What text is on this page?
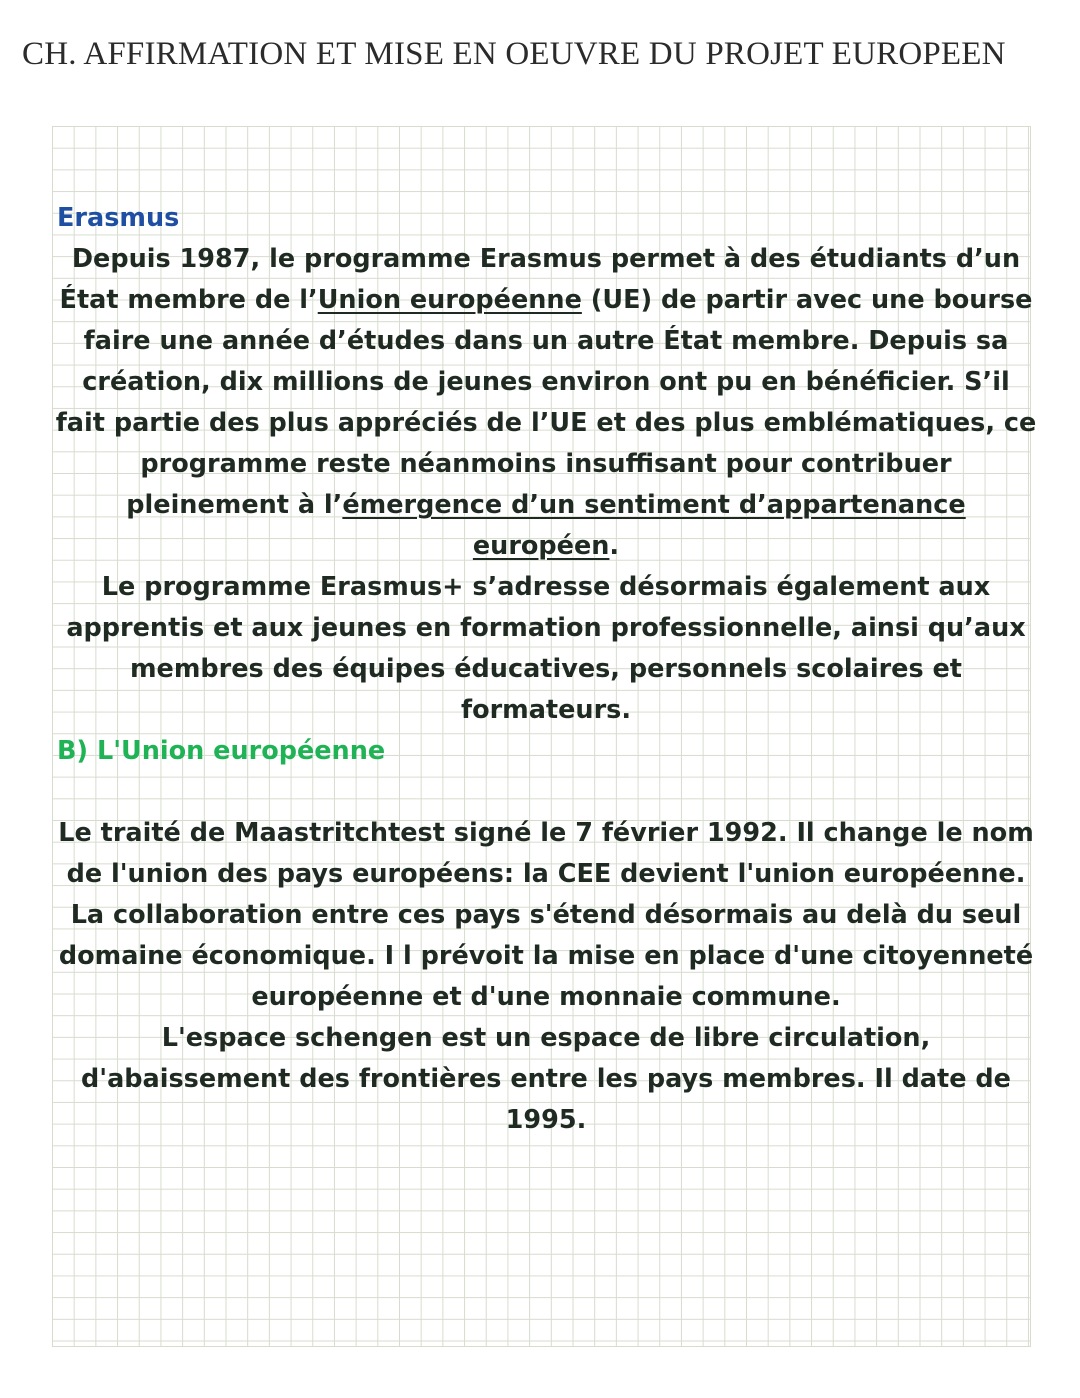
CH. AFFIRMATION ET MISE EN OEUVRE DU PROJET EUROPEEN
Erasmus

Depuis 1987, le programme Erasmus permet à des étudiants d’un État membre de l’Union européenne (UE) de partir avec une bourse faire une année d’études dans un autre État membre. Depuis sa création, dix millions de jeunes environ ont pu en bénéficier. S’il fait partie des plus appréciés de l’UE et des plus emblématiques, ce programme reste néanmoins insuffisant pour contribuer pleinement à l’émergence d’un sentiment d’appartenance européen.

Le programme Erasmus+ s’adresse désormais également aux apprentis et aux jeunes en formation professionnelle, ainsi qu’aux membres des équipes éducatives, personnels scolaires et formateurs.

B) L'Union européenne

Le traité de Maastritchtest signé le 7 février 1992. Il change le nom de l'union des pays européens: la CEE devient l'union européenne. La collaboration entre ces pays s'étend désormais au delà du seul domaine économique. I l prévoit la mise en place d'une citoyenneté européenne et d'une monnaie commune.

L'espace schengen est un espace de libre circulation, d'abaissement des frontières entre les pays membres. Il date de 1995.
